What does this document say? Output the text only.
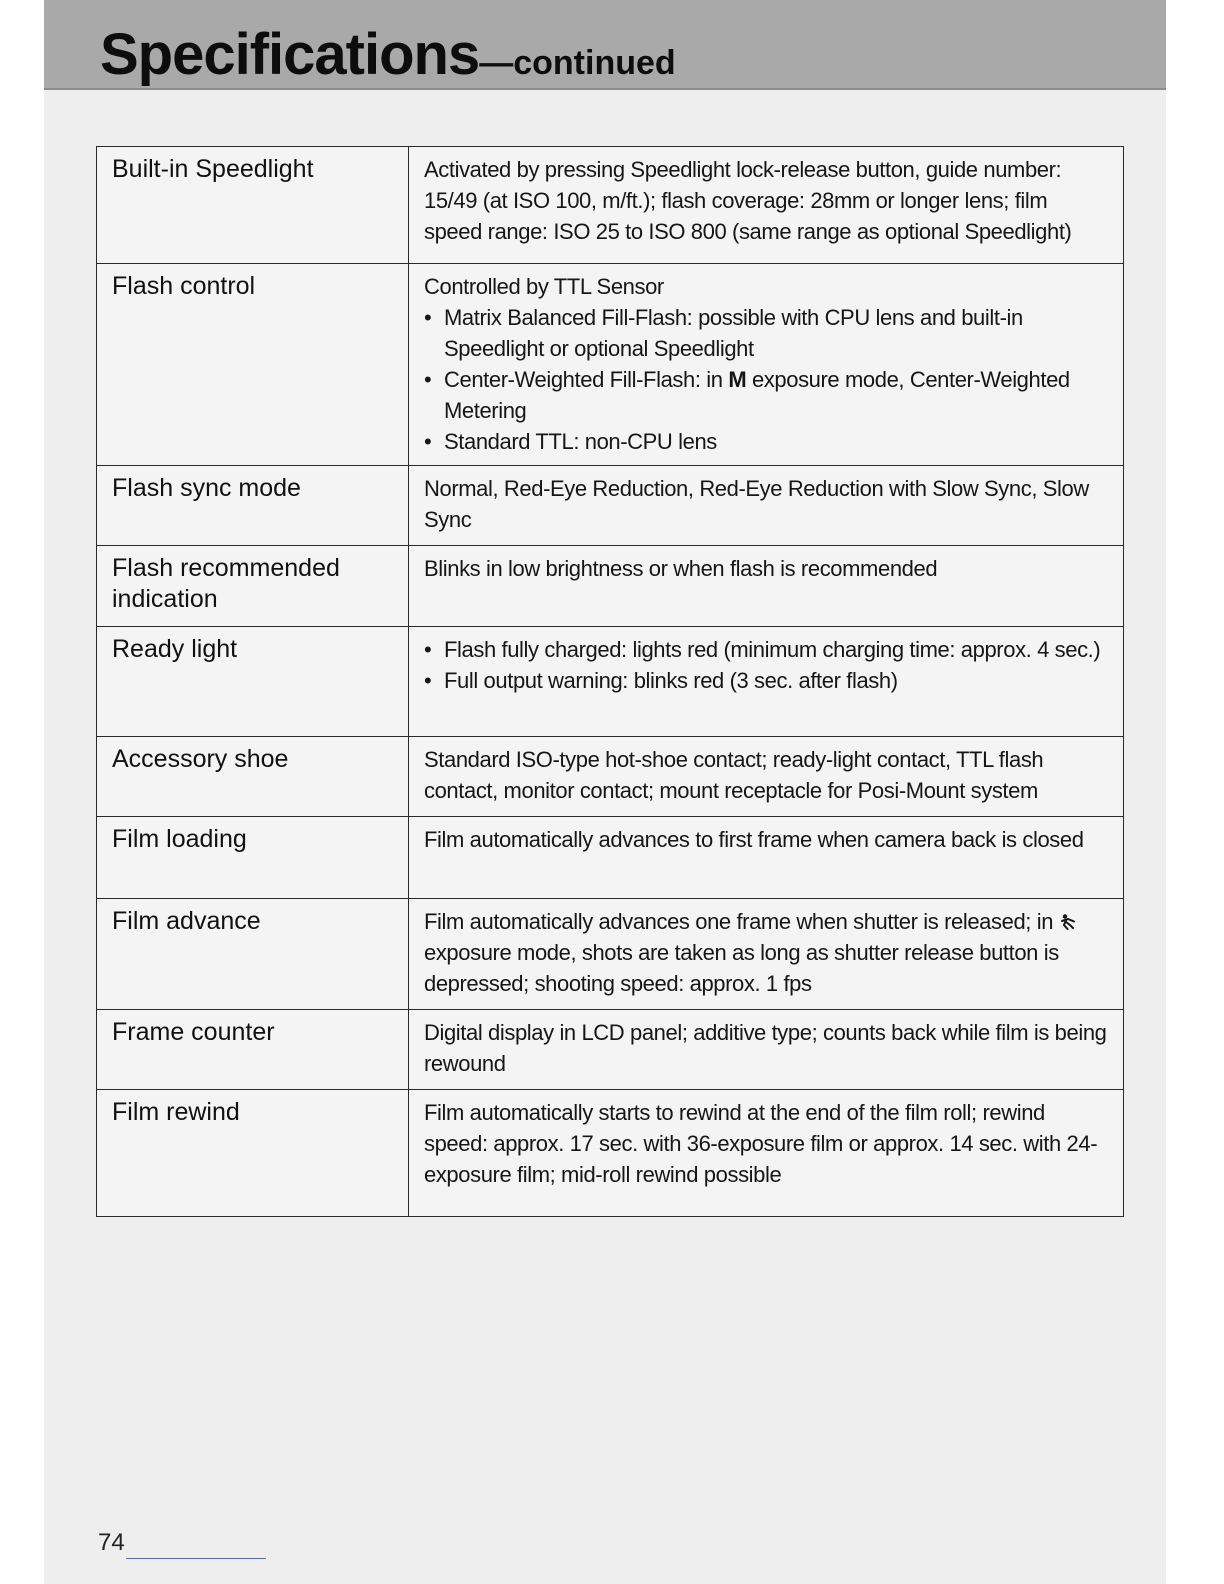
Specifications—continued
Built-in Speedlight	Activated by pressing Speedlight lock-release button, guide number: 15/49 (at ISO 100, m/ft.); flash coverage: 28mm or longer lens; film speed range: ISO 25 to ISO 800 (same range as optional Speedlight)
Flash control	Controlled by TTL Sensor
• Matrix Balanced Fill-Flash: possible with CPU lens and built-in Speedlight or optional Speedlight
• Center-Weighted Fill-Flash: in M exposure mode, Center-Weighted Metering
• Standard TTL: non-CPU lens

Flash sync mode	Normal, Red-Eye Reduction, Red-Eye Reduction with Slow Sync, Slow Sync
Flash recommended indication	Blinks in low brightness or when flash is recommended
Ready light	• Flash fully charged: lights red (minimum charging time: approx. 4 sec.)
• Full output warning: blinks red (3 sec. after flash)

Accessory shoe	Standard ISO-type hot-shoe contact; ready-light contact, TTL flash contact, monitor contact; mount receptacle for Posi-Mount system
Film loading	Film automatically advances to first frame when camera back is closed
Film advance	Film automatically advances one frame when shutter is released; in  exposure mode, shots are taken as long as shutter release button is depressed; shooting speed: approx. 1 fps
Frame counter	Digital display in LCD panel; additive type; counts back while film is being rewound
Film rewind	Film automatically starts to rewind at the end of the film roll; rewind speed: approx. 17 sec. with 36-exposure film or approx. 14 sec. with 24-exposure film; mid-roll rewind possible
74
